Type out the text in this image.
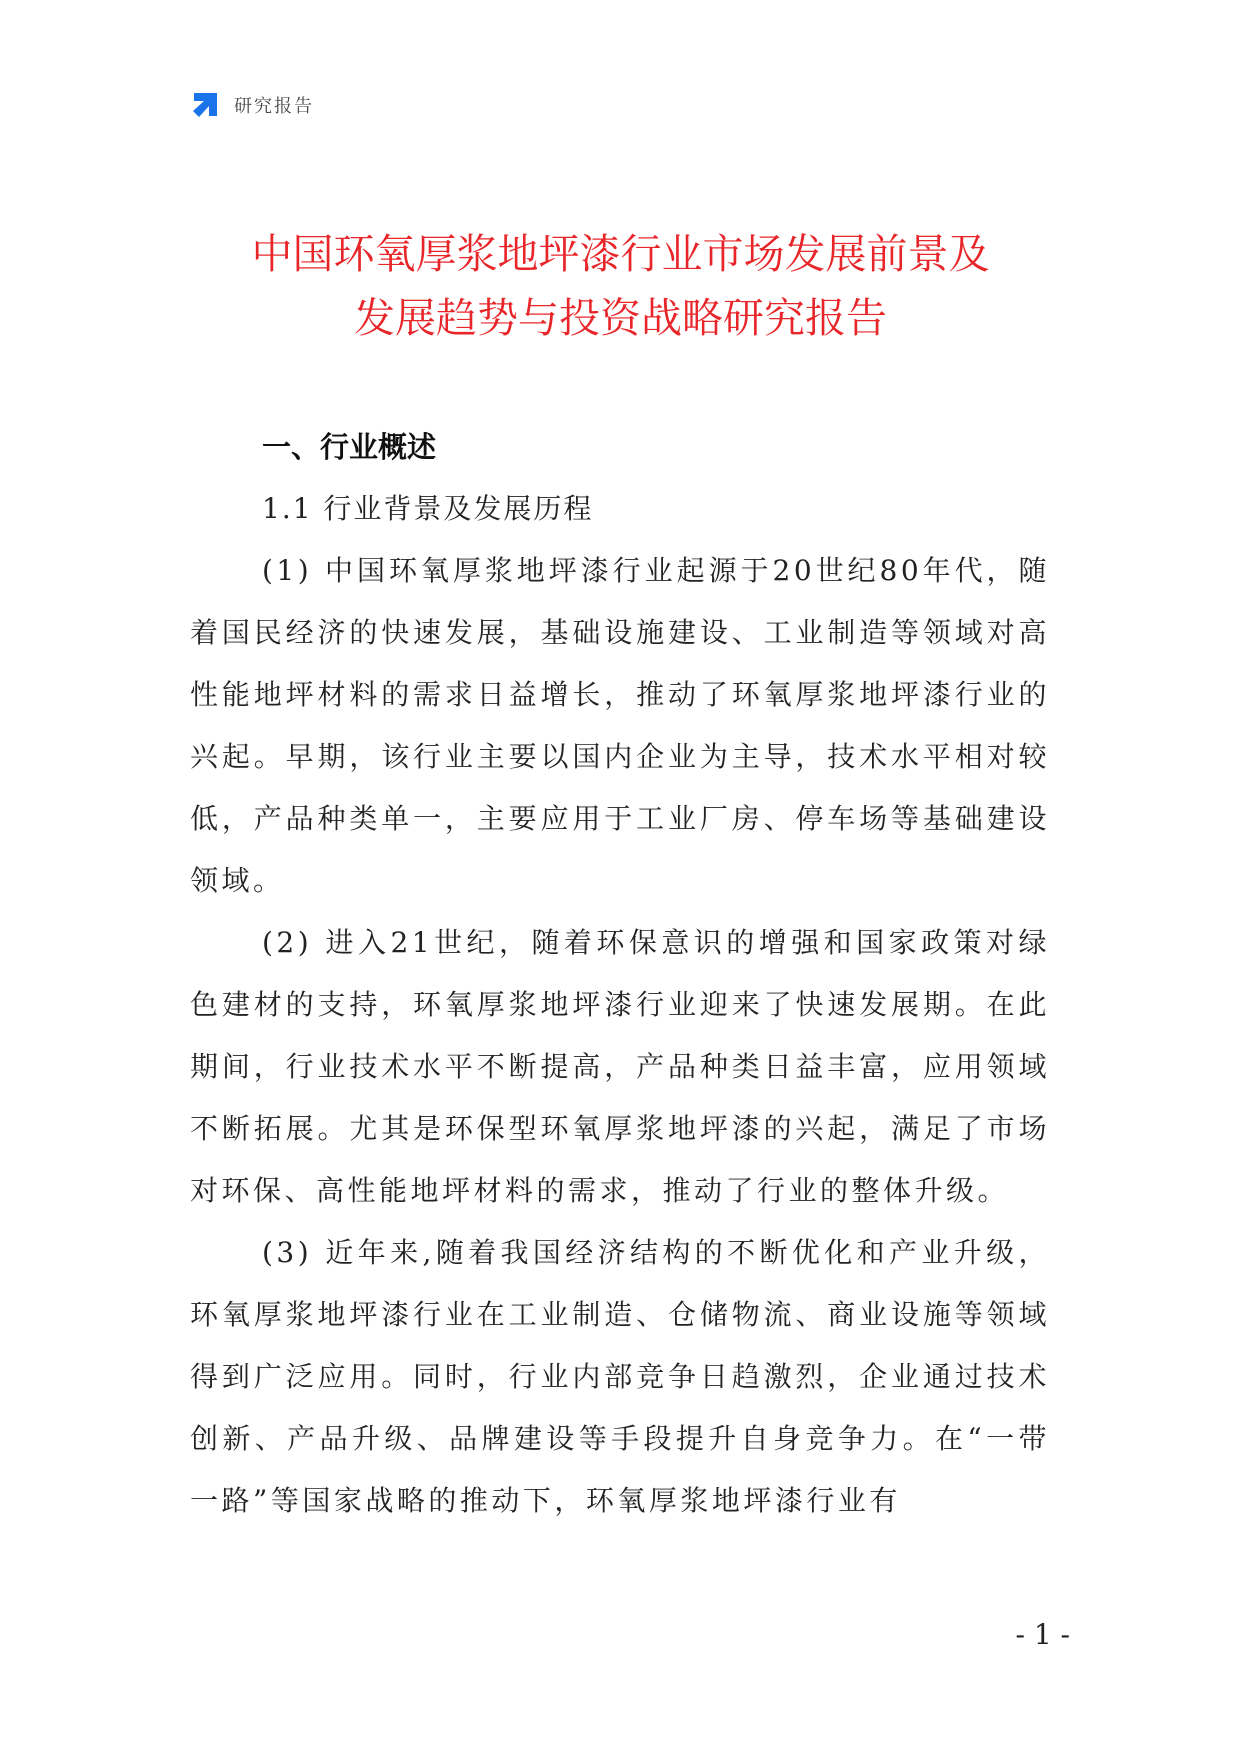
研究报告
中国环氧厚浆地坪漆行业市场发展前景及
发展趋势与投资战略研究报告
一、行业概述
1.1 行业背景及发展历程

(1) 中国环氧厚浆地坪漆行业起源于20世纪80年代，随着国民经济的快速发展，基础设施建设、工业制造等领域对高性能地坪材料的需求日益增长，推动了环氧厚浆地坪漆行业的兴起。早期，该行业主要以国内企业为主导，技术水平相对较低，产品种类单一，主要应用于工业厂房、停车场等基础建设领域。

(2) 进入21世纪，随着环保意识的增强和国家政策对绿色建材的支持，环氧厚浆地坪漆行业迎来了快速发展期。在此期间，行业技术水平不断提高，产品种类日益丰富，应用领域不断拓展。尤其是环保型环氧厚浆地坪漆的兴起，满足了市场对环保、高性能地坪材料的需求，推动了行业的整体升级。

(3) 近年来,随着我国经济结构的不断优化和产业升级，环氧厚浆地坪漆行业在工业制造、仓储物流、商业设施等领域得到广泛应用。同时，行业内部竞争日趋激烈，企业通过技术创新、产品升级、品牌建设等手段提升自身竞争力。在“一带一路”等国家战略的推动下，环氧厚浆地坪漆行业有

- 1 -
